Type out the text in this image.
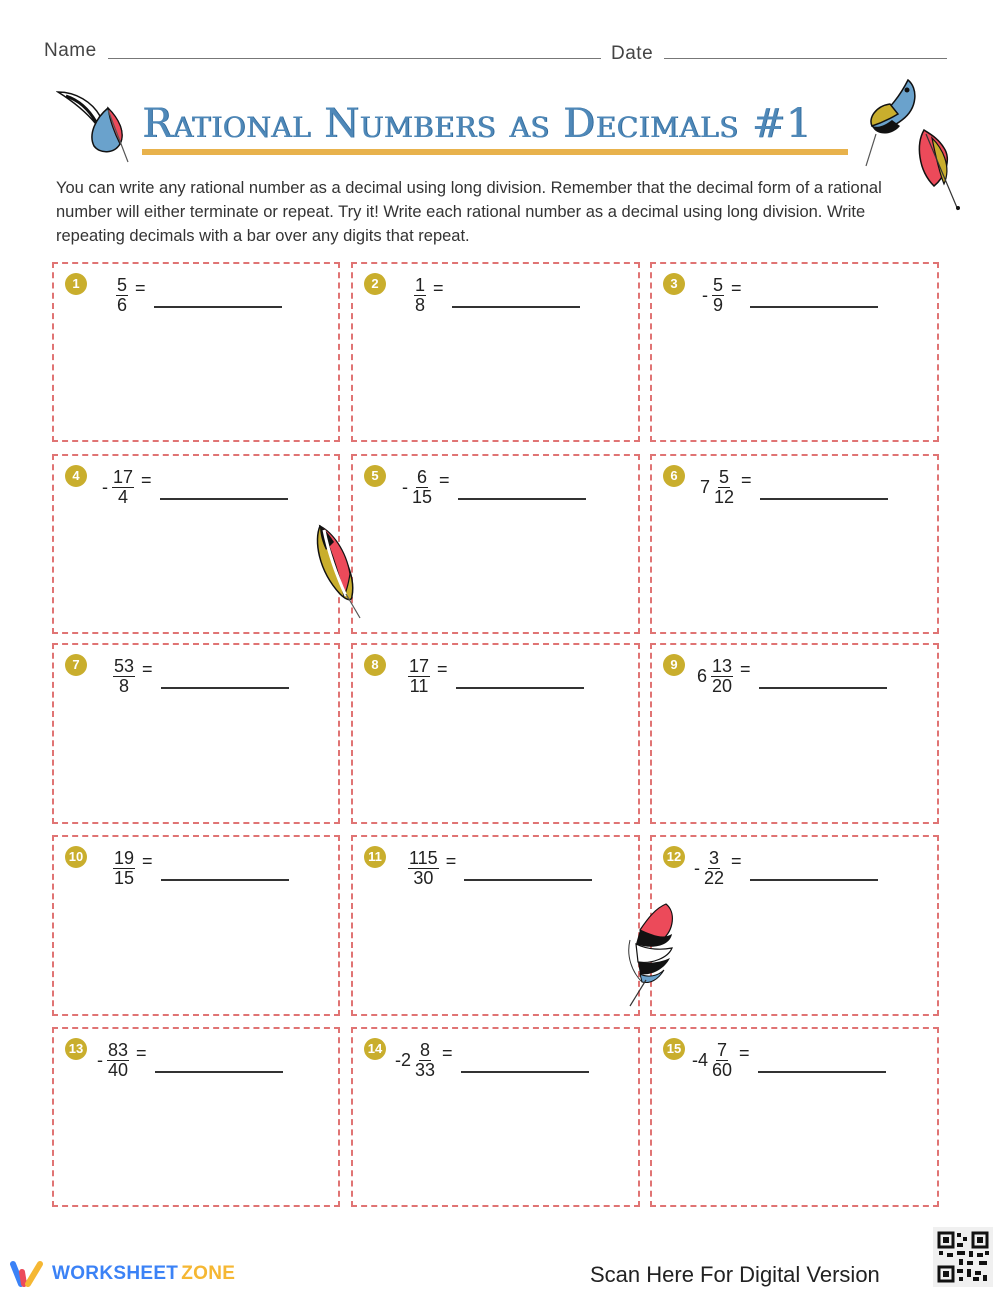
Name	Date
Rational Numbers as Decimals #1
You can write any rational number as a decimal using long division. Remember that the decimal form of a rational number will either terminate or repeat. Try it! Write each rational number as a decimal using long division. Write repeating decimals with a bar over any digits that repeat.
1	$\frac{5}{6}$ =	2	$\frac{1}{8}$ =	3
- $\frac{5}{9}$ =
4
- $\frac{17}{4}$ =	5
- $\frac{6}{15}$ =	6
$7 \frac{5}{12}$ =
7	$\frac{53}{8}$ =	8	$\frac{17}{11}$ =	9
$6 \frac{13}{20}$ =
$10 \frac{19}{15}$ =	$11 \frac{115}{30}$ =	12
- $\frac{3}{22}$ =
13
- $\frac{83}{40}$ =	14
$-2 \frac{8}{33}$ =	15
$-4 \frac{7}{60}$ =
WORKSHEET ZONE	Scan Here For Digital Version
